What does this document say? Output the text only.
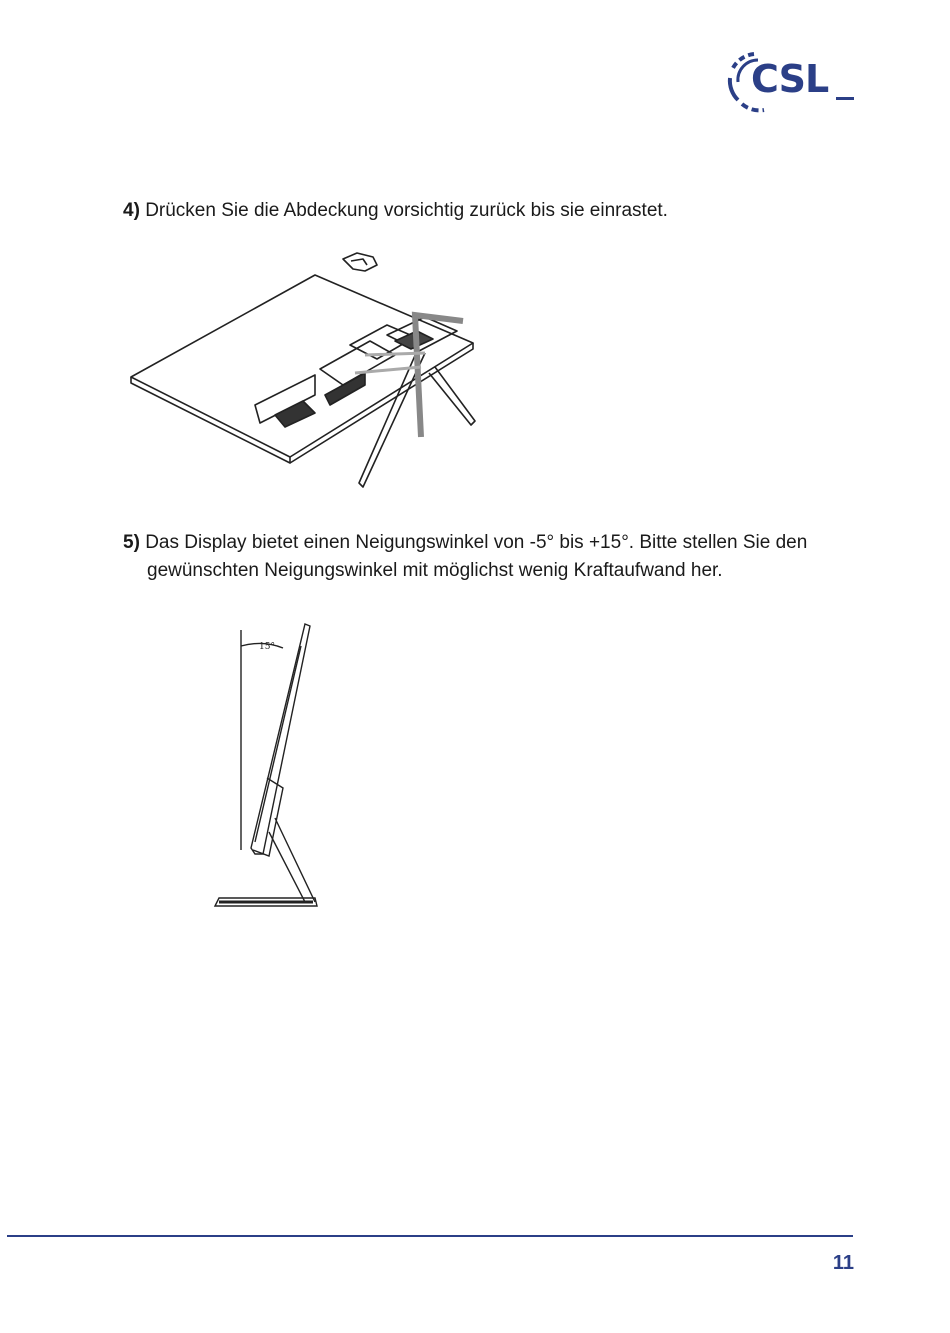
CSL
4) Drücken Sie die Abdeckung vorsichtig zurück bis sie einrastet.
5) Das Display bietet einen Neigungswinkel von -5° bis +15°. Bitte stellen Sie den
gewünschten Neigungswinkel mit möglichst wenig Kraftaufwand her.
15°
11
